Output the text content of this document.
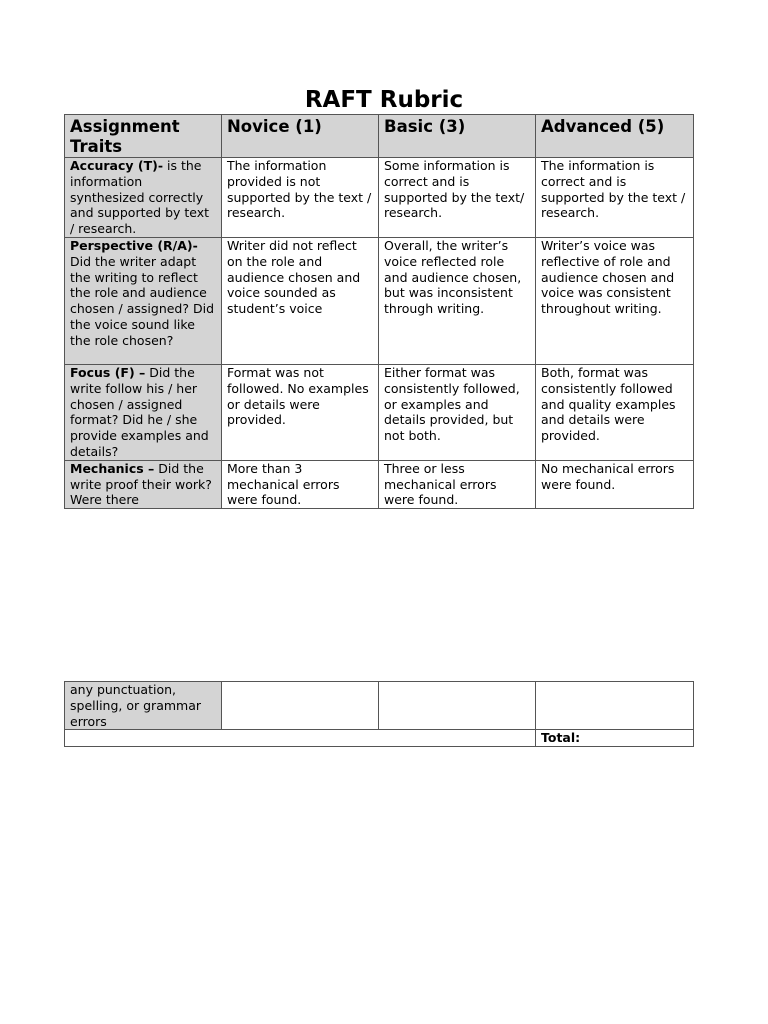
RAFT Rubric
Assignment Traits	Novice (1)	Basic (3)	Advanced (5)
Accuracy (T)- is the information synthesized correctly and supported by text / research.	The information provided is not supported by the text / research.	Some information is correct and is supported by the text/ research.	The information is correct and is supported by the text / research.
Perspective (R/A)- Did the writer adapt the writing to reflect the role and audience chosen / assigned? Did the voice sound like the role chosen?	Writer did not reflect on the role and audience chosen and voice sounded as student’s voice	Overall, the writer’s voice reflected role and audience chosen, but was inconsistent through writing.	Writer’s voice was reflective of role and audience chosen and voice was consistent throughout writing.
Focus (F) – Did the write follow his / her chosen / assigned format? Did he / she provide examples and details?	Format was not followed. No examples or details were provided.	Either format was consistently followed, or examples and details provided, but not both.	Both, format was consistently followed and quality examples and details were provided.
Mechanics – Did the write proof their work? Were there	More than 3 mechanical errors were found.	Three or less mechanical errors were found.	No mechanical errors were found.
any punctuation, spelling, or grammar errors			
			Total:
